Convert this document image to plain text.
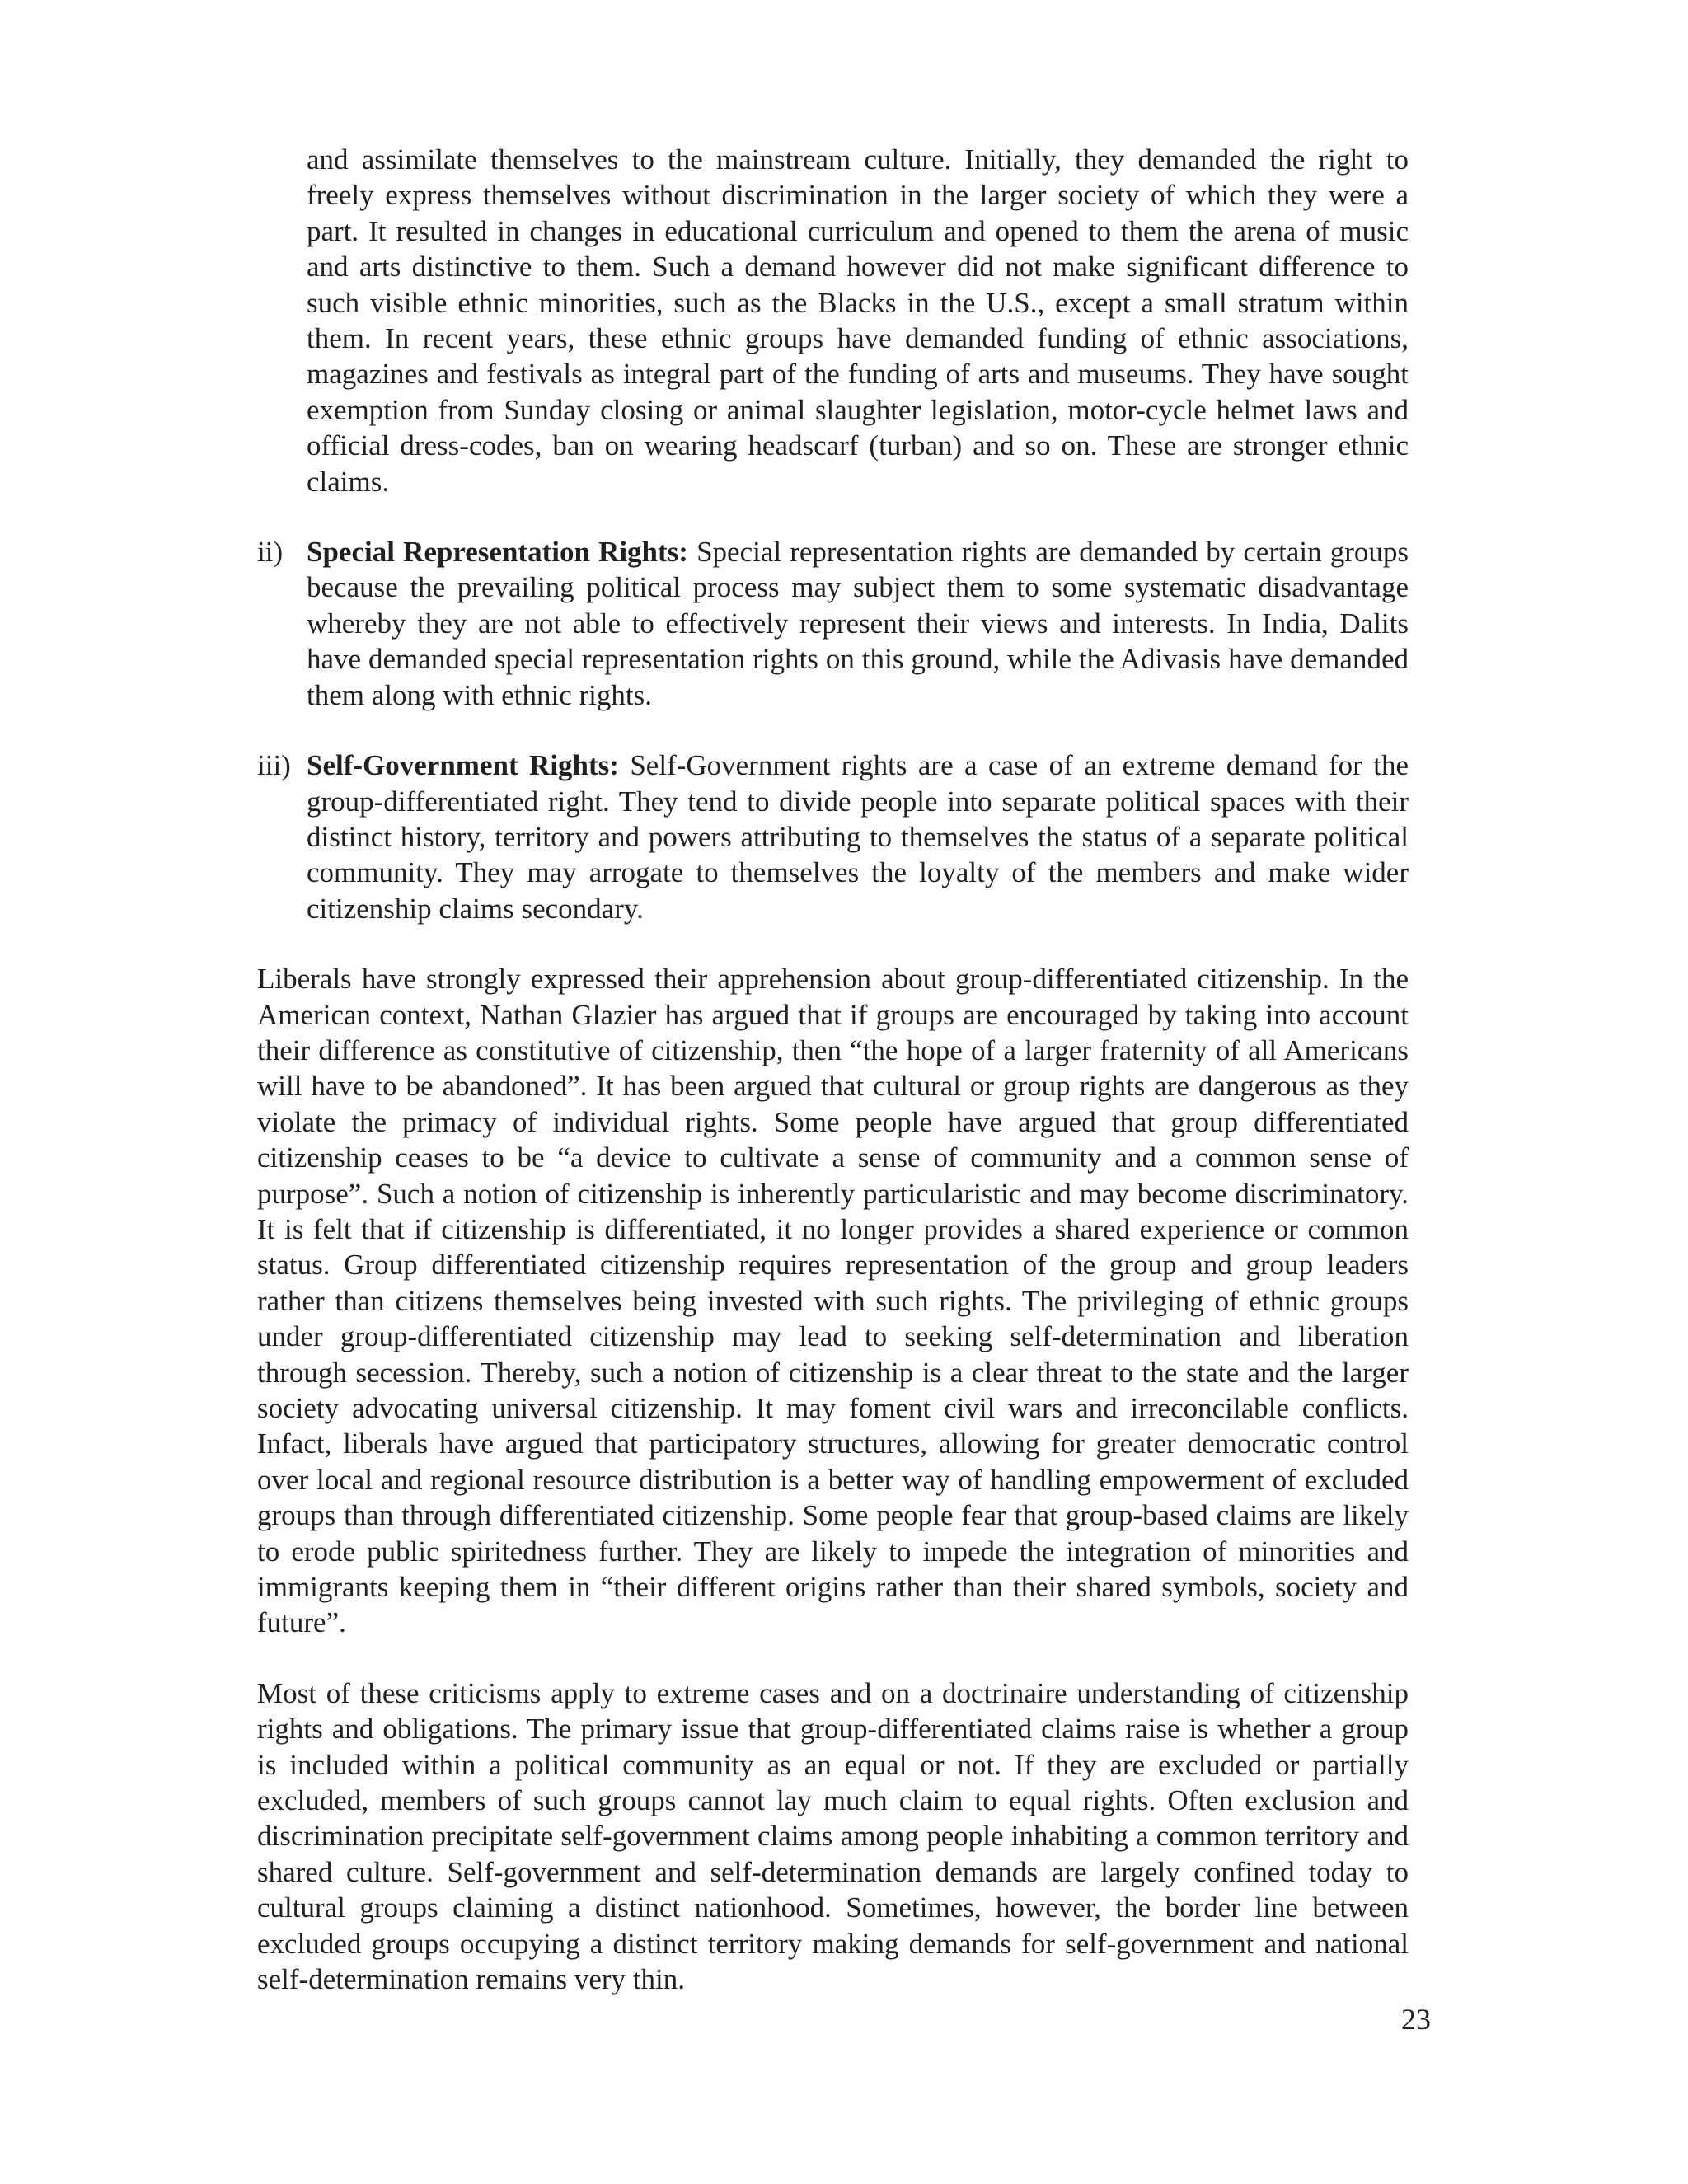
and assimilate themselves to the mainstream culture. Initially, they demanded the right to freely express themselves without discrimination in the larger society of which they were a part. It resulted in changes in educational curriculum and opened to them the arena of music and arts distinctive to them. Such a demand however did not make significant difference to such visible ethnic minorities, such as the Blacks in the U.S., except a small stratum within them. In recent years, these ethnic groups have demanded funding of ethnic associations, magazines and festivals as integral part of the funding of arts and museums. They have sought exemption from Sunday closing or animal slaughter legislation, motor-cycle helmet laws and official dress-codes, ban on wearing headscarf (turban) and so on. These are stronger ethnic claims.

ii) Special Representation Rights: Special representation rights are demanded by certain groups because the prevailing political process may subject them to some systematic disadvantage whereby they are not able to effectively represent their views and interests. In India, Dalits have demanded special representation rights on this ground, while the Adivasis have demanded them along with ethnic rights.

iii) Self-Government Rights: Self-Government rights are a case of an extreme demand for the group-differentiated right. They tend to divide people into separate political spaces with their distinct history, territory and powers attributing to themselves the status of a separate political community. They may arrogate to themselves the loyalty of the members and make wider citizenship claims secondary.

Liberals have strongly expressed their apprehension about group-differentiated citizenship. In the American context, Nathan Glazier has argued that if groups are encouraged by taking into account their difference as constitutive of citizenship, then “the hope of a larger fraternity of all Americans will have to be abandoned”. It has been argued that cultural or group rights are dangerous as they violate the primacy of individual rights. Some people have argued that group differentiated citizenship ceases to be “a device to cultivate a sense of community and a common sense of purpose”. Such a notion of citizenship is inherently particularistic and may become discriminatory. It is felt that if citizenship is differentiated, it no longer provides a shared experience or common status. Group differentiated citizenship requires representation of the group and group leaders rather than citizens themselves being invested with such rights. The privileging of ethnic groups under group-differentiated citizenship may lead to seeking self-determination and liberation through secession. Thereby, such a notion of citizenship is a clear threat to the state and the larger society advocating universal citizenship. It may foment civil wars and irreconcilable conflicts. Infact, liberals have argued that participatory structures, allowing for greater democratic control over local and regional resource distribution is a better way of handling empowerment of excluded groups than through differentiated citizenship. Some people fear that group-based claims are likely to erode public spiritedness further. They are likely to impede the integration of minorities and immigrants keeping them in “their different origins rather than their shared symbols, society and future”.

Most of these criticisms apply to extreme cases and on a doctrinaire understanding of citizenship rights and obligations. The primary issue that group-differentiated claims raise is whether a group is included within a political community as an equal or not. If they are excluded or partially excluded, members of such groups cannot lay much claim to equal rights. Often exclusion and discrimination precipitate self-government claims among people inhabiting a common territory and shared culture. Self-government and self-determination demands are largely confined today to cultural groups claiming a distinct nationhood. Sometimes, however, the border line between excluded groups occupying a distinct territory making demands for self-government and national self-determination remains very thin.

23
